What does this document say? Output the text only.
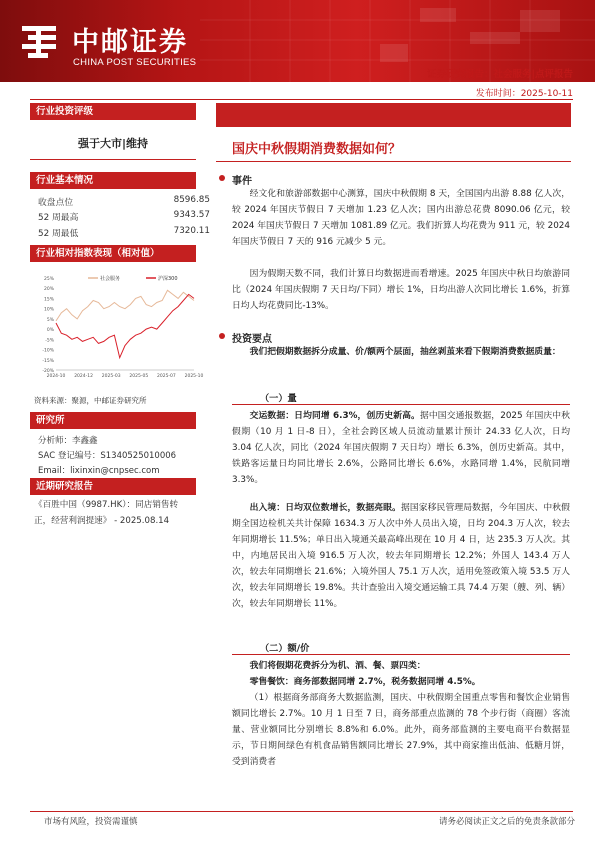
中邮证券
CHINA POST SECURITIES
证券研究报告：社会服务|点评报告
发布时间：2025-10-11
行业投资评级
强于大市|维持
行业基本情况
收盘点位	8596.85
52 周最高	9343.57
52 周最低	7320.11
行业相对指数表现（相对值）
25%
20%
15%
10%
5%
0%
-5%
-10%
-15%
-20%
2024-10 2024-12 2025-03 2025-05 2025-07 2025-10
社会服务	沪深300
资料来源：聚源，中邮证券研究所
研究所
分析师：李鑫鑫
SAC 登记编号：S1340525010006
Email：lixinxin@cnpsec.com
近期研究报告
《百胜中国（9987.HK）：同店销售转
正，经营利润提速》 - 2025.08.14
国庆中秋假期消费数据如何？
事件
经文化和旅游部数据中心测算，国庆中秋假期 8 天，全国国内出游 8.88 亿人次，较 2024 年国庆节假日 7 天增加 1.23 亿人次；国内出游总花费 8090.06 亿元，较 2024 年国庆节假日 7 天增加 1081.89 亿元。我们折算人均花费为 911 元，较 2024 年国庆节假日 7 天的 916 元减少 5 元。
因为假期天数不同，我们计算日均数据进而看增速。2025 年国庆中秋日均旅游同比（2024 年国庆假期 7 天日均/下同）增长 1%，日均出游人次同比增长 1.6%，折算日均人均花费同比-13%。
投资要点
我们把假期数据拆分成量、价/额两个层面，抽丝剥茧来看下假期消费数据质量：
（一）量
交运数据：日均同增 6.3%，创历史新高。据中国交通报数据，2025 年国庆中秋假期（10 月 1 日-8 日），全社会跨区域人员流动量累计预计 24.33 亿人次，日均 3.04 亿人次，同比（2024 年国庆假期 7 天日均）增长 6.3%，创历史新高。其中，铁路客运量日均同比增长 2.6%，公路同比增长 6.6%，水路同增 1.4%，民航同增 3.3%。
出入境：日均双位数增长，数据亮眼。据国家移民管理局数据，今年国庆、中秋假期全国边检机关共计保障 1634.3 万人次中外人员出入境，日均 204.3 万人次，较去年同期增长 11.5%；单日出入境通关最高峰出现在 10 月 4 日，达 235.3 万人次。其中，内地居民出入境 916.5 万人次，较去年同期增长 12.2%；外国人 143.4 万人次，较去年同期增长 21.6%；入境外国人 75.1 万人次，适用免签政策入境 53.5 万人次，较去年同期增长 19.8%。共计查验出入境交通运输工具 74.4 万架（艘、列、辆）次，较去年同期增长 11%。
（二）额/价
我们将假期花费拆分为机、酒、餐、票四类：
零售餐饮：商务部数据同增 2.7%，税务数据同增 4.5%。
（1）根据商务部商务大数据监测，国庆、中秋假期全国重点零售和餐饮企业销售额同比增长 2.7%。10 月 1 日至 7 日，商务部重点监测的 78 个步行街（商圈）客流量、营业额同比分别增长 8.8%和 6.0%。此外，商务部监测的主要电商平台数据显示，节日期间绿色有机食品销售额同比增长 27.9%，其中商家推出低油、低糖月饼，受到消费者
市场有风险，投资需谨慎	请务必阅读正文之后的免责条款部分
